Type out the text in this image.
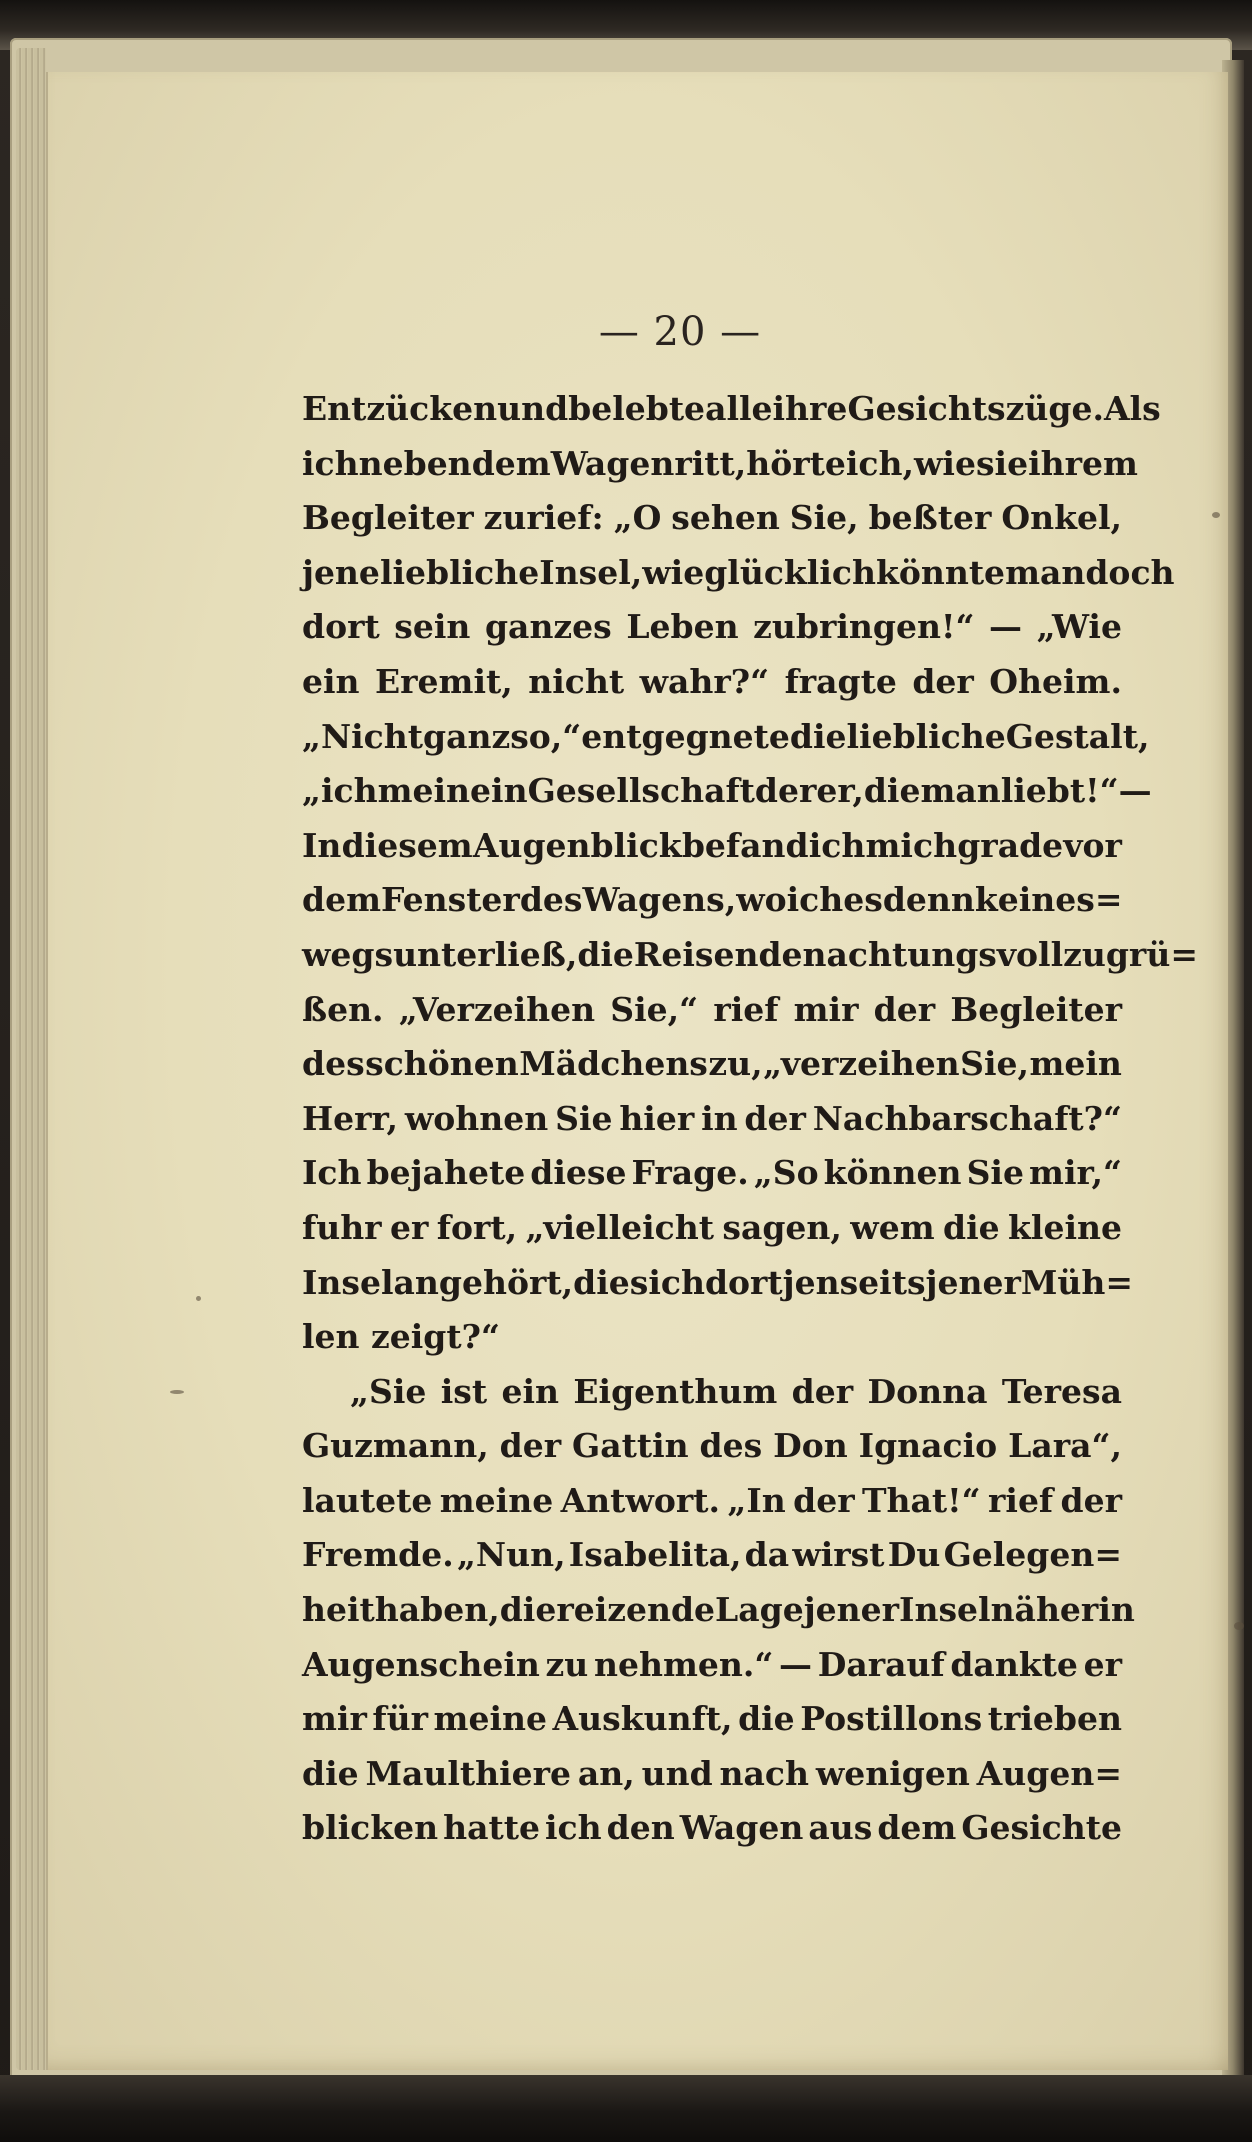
— 20 —
Entzücken und belebte alle ihre Gesichtszüge. Als
ich neben dem Wagen ritt, hörte ich, wie sie ihrem
Begleiter zurief: „O sehen Sie, beßter Onkel,
jene liebliche Insel, wie glücklich könnte man doch
dort sein ganzes Leben zubringen!“ — „Wie
ein Eremit, nicht wahr?“ fragte der Oheim.
„Nicht ganz so,“ entgegnete die liebliche Gestalt,
„ich meine in Gesellschaft derer, die man liebt!“—
In diesem Augenblick befand ich mich grade vor
dem Fenster des Wagens, wo ich es denn keines=
wegs unterließ, die Reisenden achtungsvoll zu grü=
ßen. „Verzeihen Sie,“ rief mir der Begleiter
des schönen Mädchens zu, „verzeihen Sie, mein
Herr, wohnen Sie hier in der Nachbarschaft?“
Ich bejahete diese Frage. „So können Sie mir,“
fuhr er fort, „vielleicht sagen, wem die kleine
Insel angehört, die sich dort jenseits jener Müh=
len zeigt?“
„Sie ist ein Eigenthum der Donna Teresa
Guzmann, der Gattin des Don Ignacio Lara“,
lautete meine Antwort. „In der That!“ rief der
Fremde. „Nun, Isabelita, da wirst Du Gelegen=
heit haben, die reizende Lage jener Insel näher in
Augenschein zu nehmen.“ — Darauf dankte er
mir für meine Auskunft, die Postillons trieben
die Maulthiere an, und nach wenigen Augen=
blicken hatte ich den Wagen aus dem Gesichte
